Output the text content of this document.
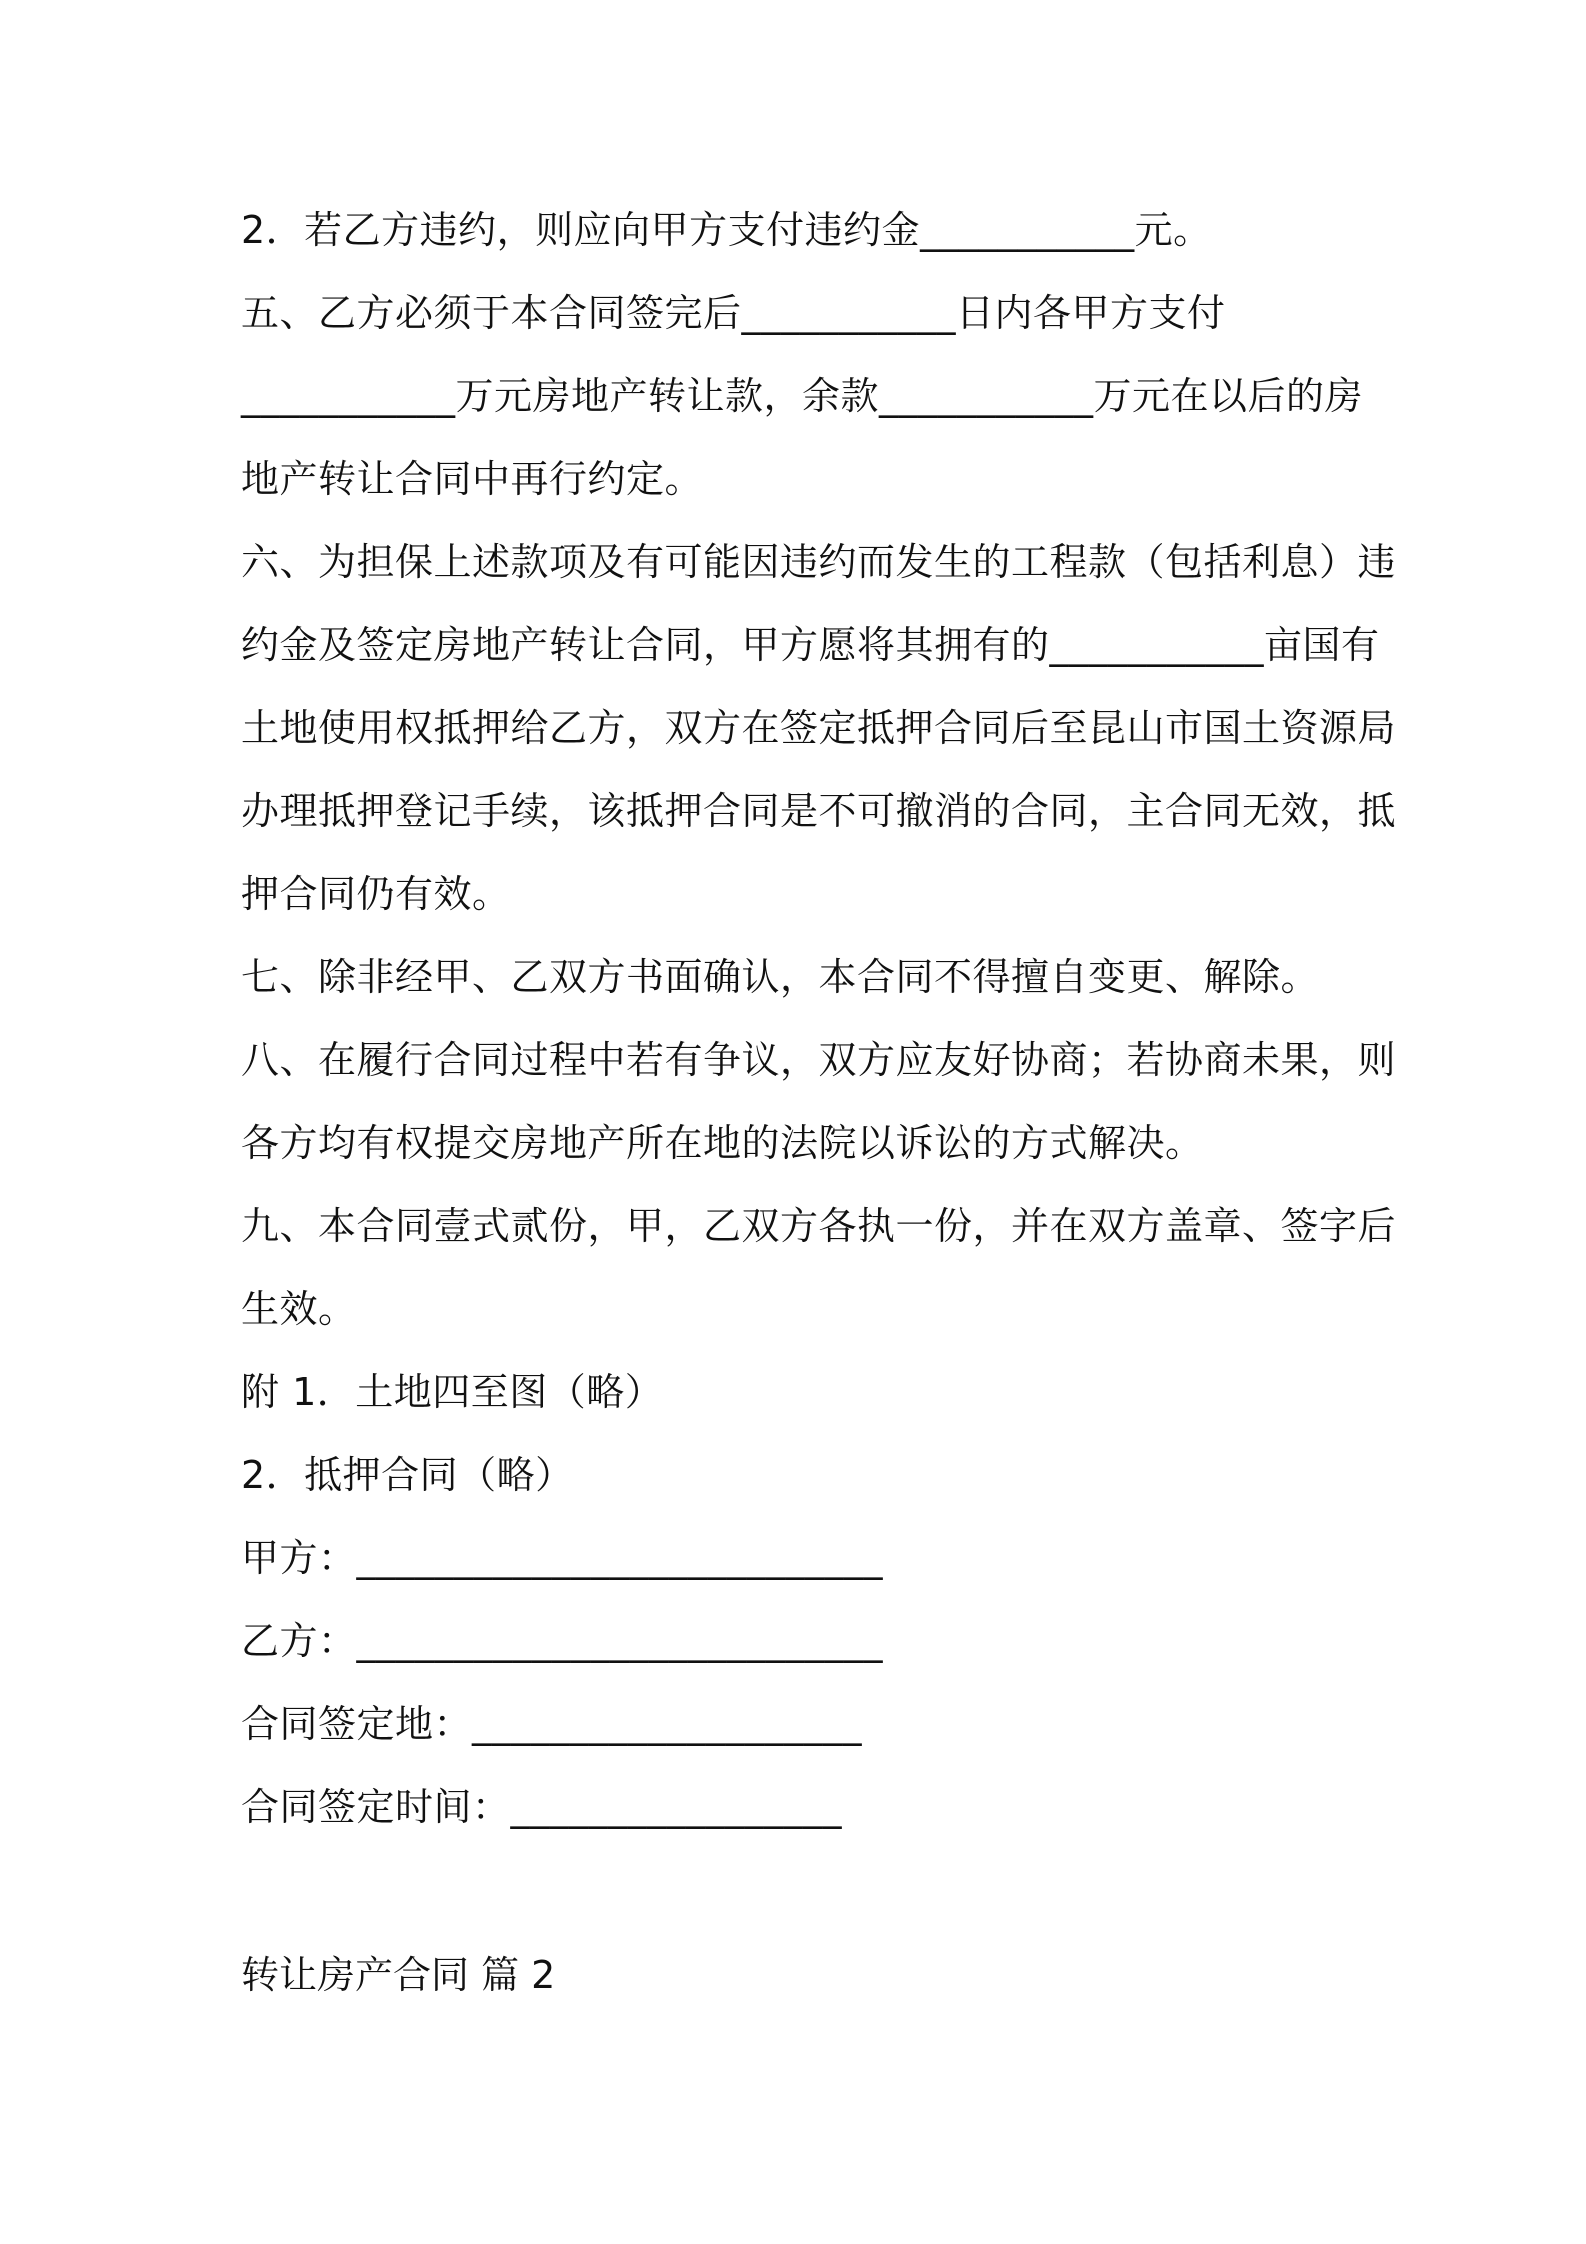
2．若乙方违约，则应向甲方支付违约金___________元。
五、乙方必须于本合同签完后___________日内各甲方支付
___________万元房地产转让款，余款___________万元在以后的房
地产转让合同中再行约定。
六、为担保上述款项及有可能因违约而发生的工程款（包括利息）违
约金及签定房地产转让合同，甲方愿将其拥有的___________亩国有
土地使用权抵押给乙方，双方在签定抵押合同后至昆山市国土资源局
办理抵押登记手续，该抵押合同是不可撤消的合同，主合同无效，抵
押合同仍有效。
七、除非经甲、乙双方书面确认，本合同不得擅自变更、解除。
八、在履行合同过程中若有争议，双方应友好协商；若协商未果，则
各方均有权提交房地产所在地的法院以诉讼的方式解决。
九、本合同壹式贰份，甲，乙双方各执一份，并在双方盖章、签字后
生效。
附 1．土地四至图（略）
2．抵押合同（略）
甲方：___________________________
乙方：___________________________
合同签定地：____________________
合同签定时间：_________________
转让房产合同 篇 2
